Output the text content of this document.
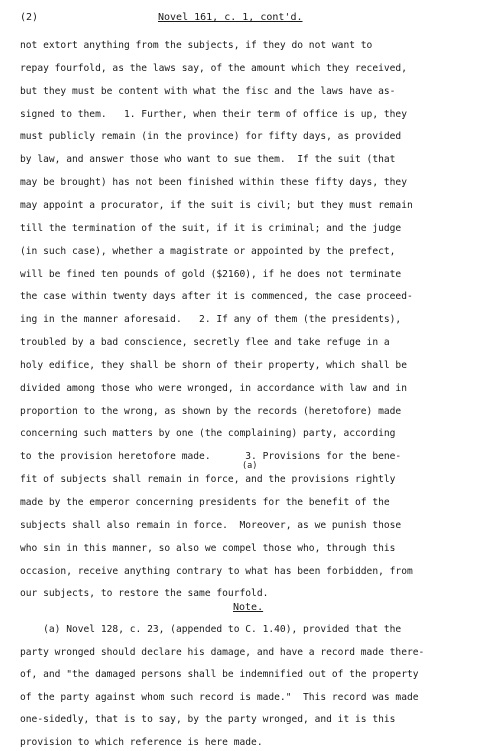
(2)	Novel 161, c. 1, cont'd.
not extort anything from the subjects, if they do not want to
repay fourfold, as the laws say, of the amount which they received,
but they must be content with what the fisc and the laws have as-
signed to them.   1. Further, when their term of office is up, they
must publicly remain (in the province) for fifty days, as provided
by law, and answer those who want to sue them.  If the suit (that
may be brought) has not been finished within these fifty days, they
may appoint a procurator, if the suit is civil; but they must remain
till the termination of the suit, if it is criminal; and the judge
(in such case), whether a magistrate or appointed by the prefect,
will be fined ten pounds of gold ($2160), if he does not terminate
the case within twenty days after it is commenced, the case proceed-
ing in the manner aforesaid.   2. If any of them (the presidents),
troubled by a bad conscience, secretly flee and take refuge in a
holy edifice, they shall be shorn of their property, which shall be
divided among those who were wronged, in accordance with law and in
proportion to the wrong, as shown by the records (heretofore) made
concerning such matters by one (the complaining) party, according
to the provision heretofore made.      3. Provisions for the bene-
fit of subjects shall remain in force, and the provisions rightly
made by the emperor concerning presidents for the benefit of the
subjects shall also remain in force.  Moreover, as we punish those
who sin in this manner, so also we compel those who, through this
occasion, receive anything contrary to what has been forbidden, from
our subjects, to restore the same fourfold.
(a)
Note.
(a) Novel 128, c. 23, (appended to C. 1.40), provided that the
party wronged should declare his damage, and have a record made there-
of, and "the damaged persons shall be indemnified out of the property
of the party against whom such record is made."  This record was made
one-sidedly, that is to say, by the party wronged, and it is this
provision to which reference is here made.
